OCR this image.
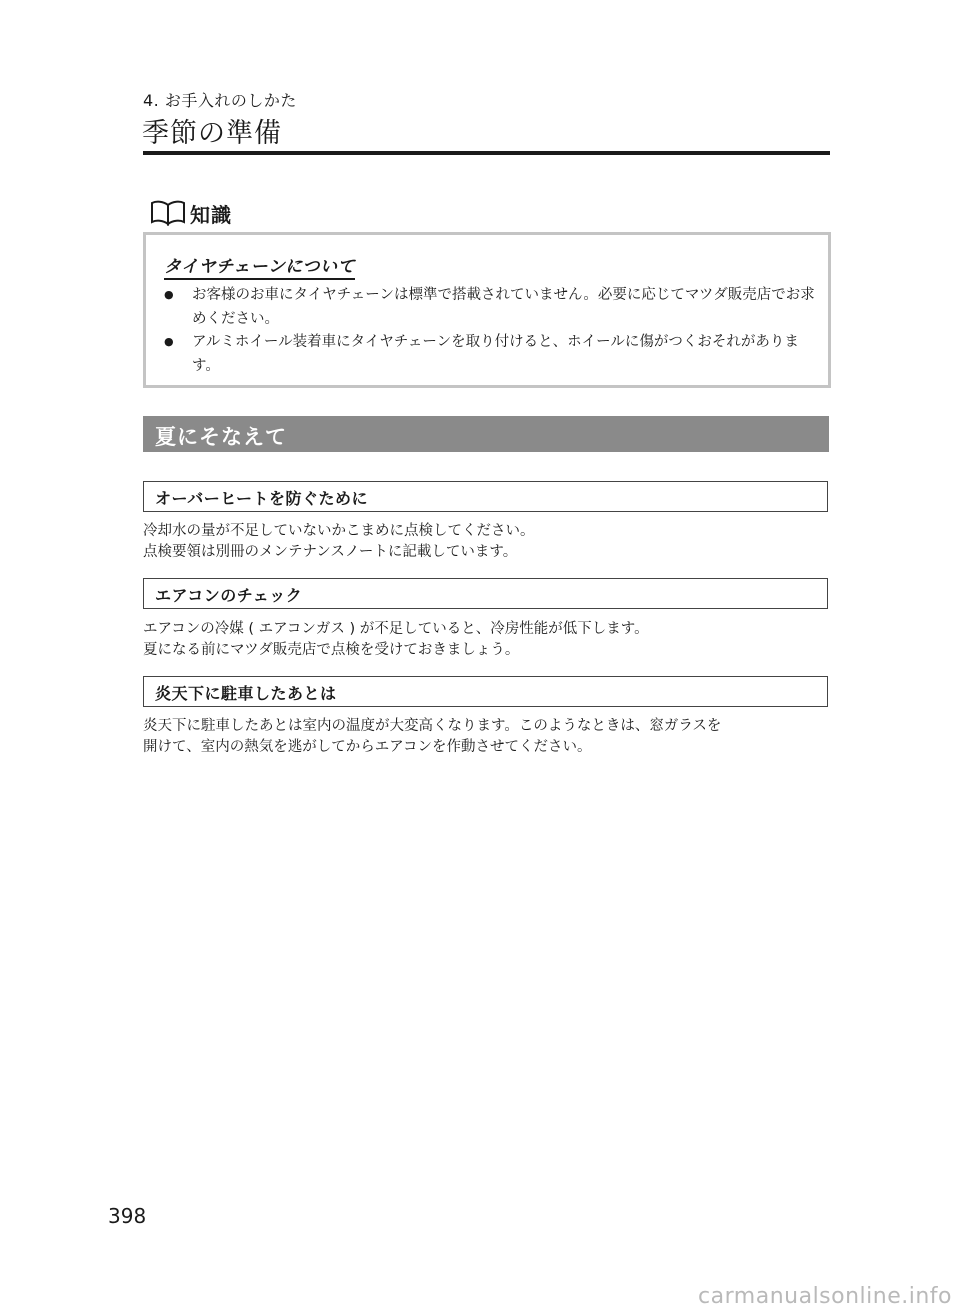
4. お手入れのしかた
季節の準備
知識
タイヤチェーンについて
●	お客様のお車にタイヤチェーンは標準で搭載されていません。必要に応じてマツダ販売店でお求めください。
●	アルミホイール装着車にタイヤチェーンを取り付けると、ホイールに傷がつくおそれがあります。
夏にそなえて
オーバーヒートを防ぐために
冷却水の量が不足していないかこまめに点検してください。
点検要領は別冊のメンテナンスノートに記載しています。
エアコンのチェック
エアコンの冷媒 ( エアコンガス ) が不足していると、冷房性能が低下します。
夏になる前にマツダ販売店で点検を受けておきましょう。
炎天下に駐車したあとは
炎天下に駐車したあとは室内の温度が大変高くなります。このようなときは、窓ガラスを
開けて、室内の熱気を逃がしてからエアコンを作動させてください。
398
carmanualsonline.info
